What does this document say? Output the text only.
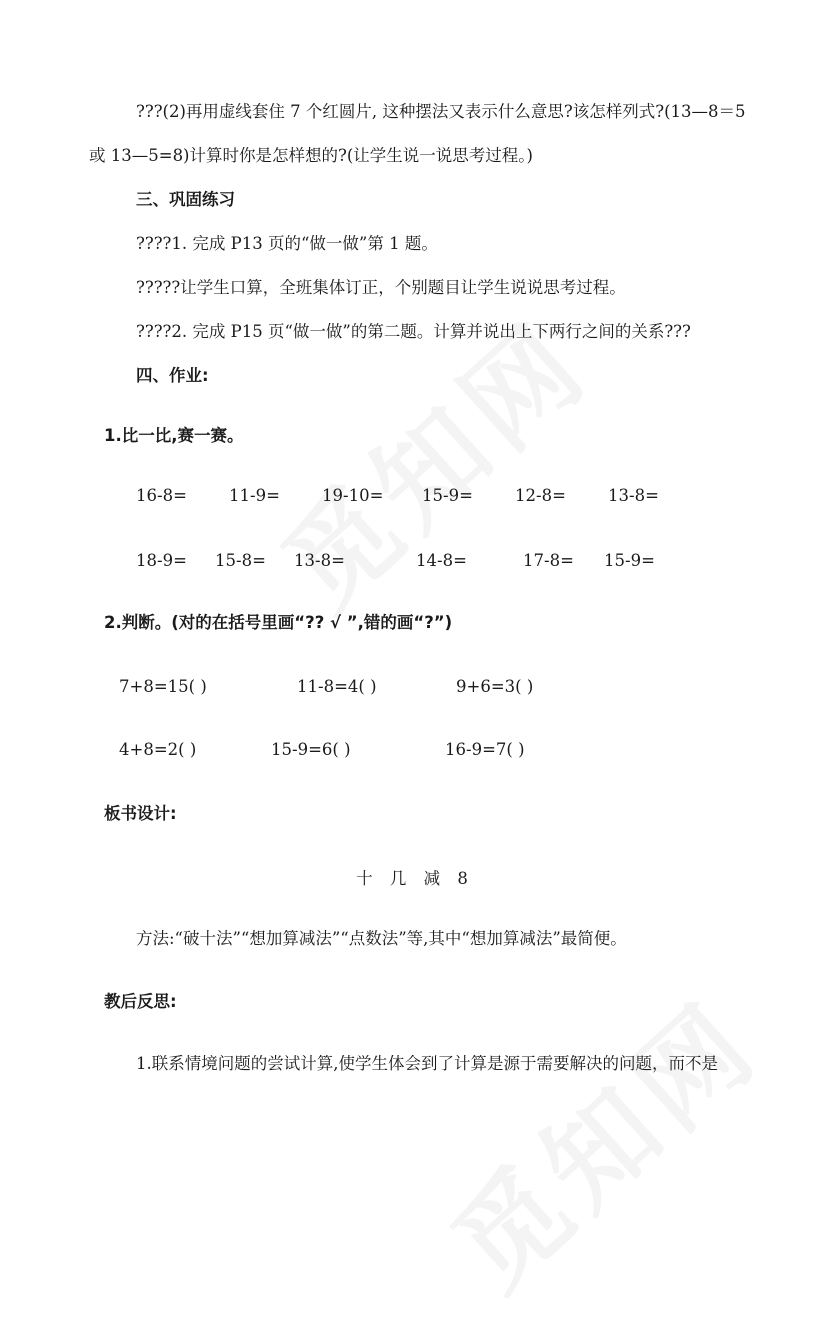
???(2)再用虚线套住 7 个红圆片, 这种摆法又表示什么意思?该怎样列式?(13—8＝5
或 13—5=8)计算时你是怎样想的?(让学生说一说思考过程。)
三、巩固练习
????1. 完成 P13 页的“做一做”第 1 题。
?????让学生口算，全班集体订正，个别题目让学生说说思考过程。
????2. 完成 P15 页“做一做”的第二题。计算并说出上下两行之间的关系???
四、作业:
1.比一比,赛一赛。
16-8=	11-9=	19-10= 15-9=	12-8=	13-8=
18-9= 15-8= 13-8=	14-8=	17-8= 15-9=
2.判断。(对的在括号里画“?? √ ”,错的画“?”)
7+8=15( )	11-8=4( )	9+6=3( )
4+8=2( )	15-9=6( )	16-9=7( )
板书设计:
十 几 减 8
方法:“破十法”“想加算减法”“点数法”等,其中“想加算减法”最简便。
教后反思:
1.联系情境问题的尝试计算,使学生体会到了计算是源于需要解决的问题，而不是
